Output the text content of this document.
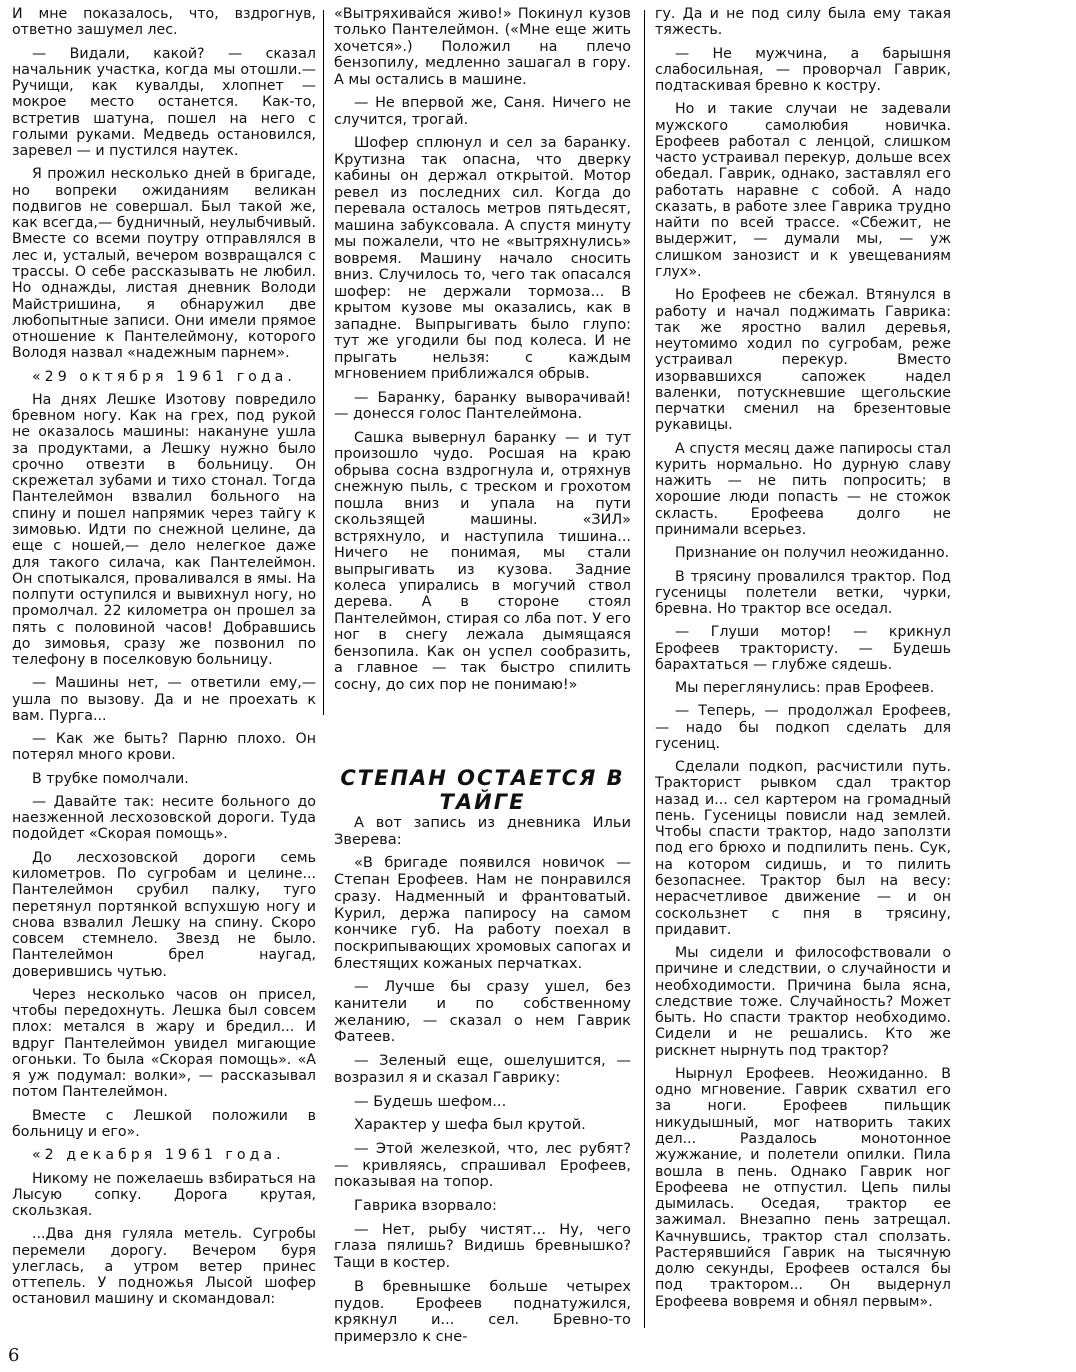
И мне показалось, что, вздрогнув, ответно зашумел лес.

— Видали, какой? — сказал начальник участка, когда мы отошли.— Ручищи, как кувалды, хлопнет — мокрое место останется. Как-то, встретив шатуна, пошел на него с голыми руками. Медведь остановился, заревел — и пустился наутек.

Я прожил несколько дней в бригаде, но вопреки ожиданиям великан подвигов не совершал. Был такой же, как всегда,— будничный, неулыбчивый. Вместе со всеми поутру отправлялся в лес и, усталый, вечером возвращался с трассы. О себе рассказывать не любил. Но однажды, листая дневник Володи Майстришина, я обнаружил две любопытные записи. Они имели прямое отношение к Пантелеймону, которого Володя назвал «надежным парнем».

«29 октября 1961 года.

На днях Лешке Изотову повредило бревном ногу. Как на грех, под рукой не оказалось машины: накануне ушла за продуктами, а Лешку нужно было срочно отвезти в больницу. Он скрежетал зубами и тихо стонал. Тогда Пантелеймон взвалил больного на спину и пошел напрямик через тайгу к зимовью. Идти по снежной целине, да еще с ношей,— дело нелегкое даже для такого силача, как Пантелеймон. Он спотыкался, проваливался в ямы. На полпути оступился и вывихнул ногу, но промолчал. 22 километра он прошел за пять с половиной часов! Добравшись до зимовья, сразу же позвонил по телефону в поселковую больницу.

— Машины нет, — ответили ему,— ушла по вызову. Да и не проехать к вам. Пурга...

— Как же быть? Парню плохо. Он потерял много крови.

В трубке помолчали.

— Давайте так: несите больного до наезженной лесхозовской дороги. Туда подойдет «Скорая помощь».

До лесхозовской дороги семь километров. По сугробам и целине... Пантелеймон срубил палку, туго перетянул портянкой вспухшую ногу и снова взвалил Лешку на спину. Скоро совсем стемнело. Звезд не было. Пантелеймон брел наугад, доверившись чутью.

Через несколько часов он присел, чтобы передохнуть. Лешка был совсем плох: метался в жару и бредил... И вдруг Пантелеймон увидел мигающие огоньки. То была «Скорая помощь». «А я уж подумал: волки», — рассказывал потом Пантелеймон.

Вместе с Лешкой положили в больницу и его».

«2 декабря 1961 года.

Никому не пожелаешь взбираться на Лысую сопку. Дорога крутая, скользкая.

...Два дня гуляла метель. Сугробы перемели дорогу. Вечером буря улеглась, а утром ветер принес оттепель. У подножья Лысой шофер остановил машину и скомандовал:

«Вытряхивайся живо!» Покинул кузов только Пантелеймон. («Мне еще жить хочется».) Положил на плечо бензопилу, медленно зашагал в гору. А мы остались в машине.

— Не впервой же, Саня. Ничего не случится, трогай.

Шофер сплюнул и сел за баранку. Крутизна так опасна, что дверку кабины он держал открытой. Мотор ревел из последних сил. Когда до перевала осталось метров пятьдесят, машина забуксовала. А спустя минуту мы пожалели, что не «вытряхнулись» вовремя. Машину начало сносить вниз. Случилось то, чего так опасался шофер: не держали тормоза... В крытом кузове мы оказались, как в западне. Выпрыгивать было глупо: тут же угодили бы под колеса. И не прыгать нельзя: с каждым мгновением приближался обрыв.

— Баранку, баранку выворачивай! — донесся голос Пантелеймона.

Сашка вывернул баранку — и тут произошло чудо. Росшая на краю обрыва сосна вздрогнула и, отряхнув снежную пыль, с треском и грохотом пошла вниз и упала на пути скользящей машины. «ЗИЛ» встряхнуло, и наступила тишина... Ничего не понимая, мы стали выпрыгивать из кузова. Задние колеса упирались в могучий ствол дерева. А в стороне стоял Пантелеймон, стирая со лба пот. У его ног в снегу лежала дымящаяся бензопила. Как он успел сообразить, а главное — так быстро спилить сосну, до сих пор не понимаю!»

СТЕПАН ОСТАЕТСЯ В ТАЙГЕ

А вот запись из дневника Ильи Зверева:

«В бригаде появился новичок — Степан Ерофеев. Нам не понравился сразу. Надменный и франтоватый. Курил, держа папиросу на самом кончике губ. На работу поехал в поскрипывающих хромовых сапогах и блестящих кожаных перчатках.

— Лучше бы сразу ушел, без канители и по собственному желанию, — сказал о нем Гаврик Фатеев.

— Зеленый еще, ошелушится, — возразил я и сказал Гаврику:

— Будешь шефом...

Характер у шефа был крутой.

— Этой железкой, что, лес рубят? — кривляясь, спрашивал Ерофеев, показывая на топор.

Гаврика взорвало:

— Нет, рыбу чистят... Ну, чего глаза пялишь? Видишь бревнышко? Тащи в костер.

В бревнышке больше четырех пудов. Ерофеев поднатужился, крякнул и... сел. Бревно-то примерзло к сне-

гу. Да и не под силу была ему такая тяжесть.

— Не мужчина, а барышня слабосильная, — проворчал Гаврик, подтаскивая бревно к костру.

Но и такие случаи не задевали мужского самолюбия новичка. Ерофеев работал с ленцой, слишком часто устраивал перекур, дольше всех обедал. Гаврик, однако, заставлял его работать наравне с собой. А надо сказать, в работе злее Гаврика трудно найти по всей трассе. «Сбежит, не выдержит, — думали мы, — уж слишком занозист и к увещеваниям глух».

Но Ерофеев не сбежал. Втянулся в работу и начал поджимать Гаврика: так же яростно валил деревья, неутомимо ходил по сугробам, реже устраивал перекур. Вместо изорвавшихся сапожек надел валенки, потускневшие щегольские перчатки сменил на брезентовые рукавицы.

А спустя месяц даже папиросы стал курить нормально. Но дурную славу нажить — не пить попросить; в хорошие люди попасть — не стожок скласть. Ерофеева долго не принимали всерьез.

Признание он получил неожиданно.

В трясину провалился трактор. Под гусеницы полетели ветки, чурки, бревна. Но трактор все оседал.

— Глуши мотор! — крикнул Ерофеев трактористу. — Будешь барахтаться — глубже сядешь.

Мы переглянулись: прав Ерофеев.

— Теперь, — продолжал Ерофеев, — надо бы подкоп сделать для гусениц.

Сделали подкоп, расчистили путь. Тракторист рывком сдал трактор назад и... сел картером на громадный пень. Гусеницы повисли над землей. Чтобы спасти трактор, надо заползти под его брюхо и подпилить пень. Сук, на котором сидишь, и то пилить безопаснее. Трактор был на весу: нерасчетливое движение — и он соскользнет с пня в трясину, придавит.

Мы сидели и философствовали о причине и следствии, о случайности и необходимости. Причина была ясна, следствие тоже. Случайность? Может быть. Но спасти трактор необходимо. Сидели и не решались. Кто же рискнет нырнуть под трактор?

Нырнул Ерофеев. Неожиданно. В одно мгновение. Гаврик схватил его за ноги. Ерофеев пильщик никудышный, мог натворить таких дел... Раздалось монотонное жужжание, и полетели опилки. Пила вошла в пень. Однако Гаврик ног Ерофеева не отпустил. Цепь пилы дымилась. Оседая, трактор ее зажимал. Внезапно пень затрещал. Качнувшись, трактор стал сползать. Растерявшийся Гаврик на тысячную долю секунды, Ерофеев остался бы под трактором... Он выдернул Ерофеева вовремя и обнял первым».

6
